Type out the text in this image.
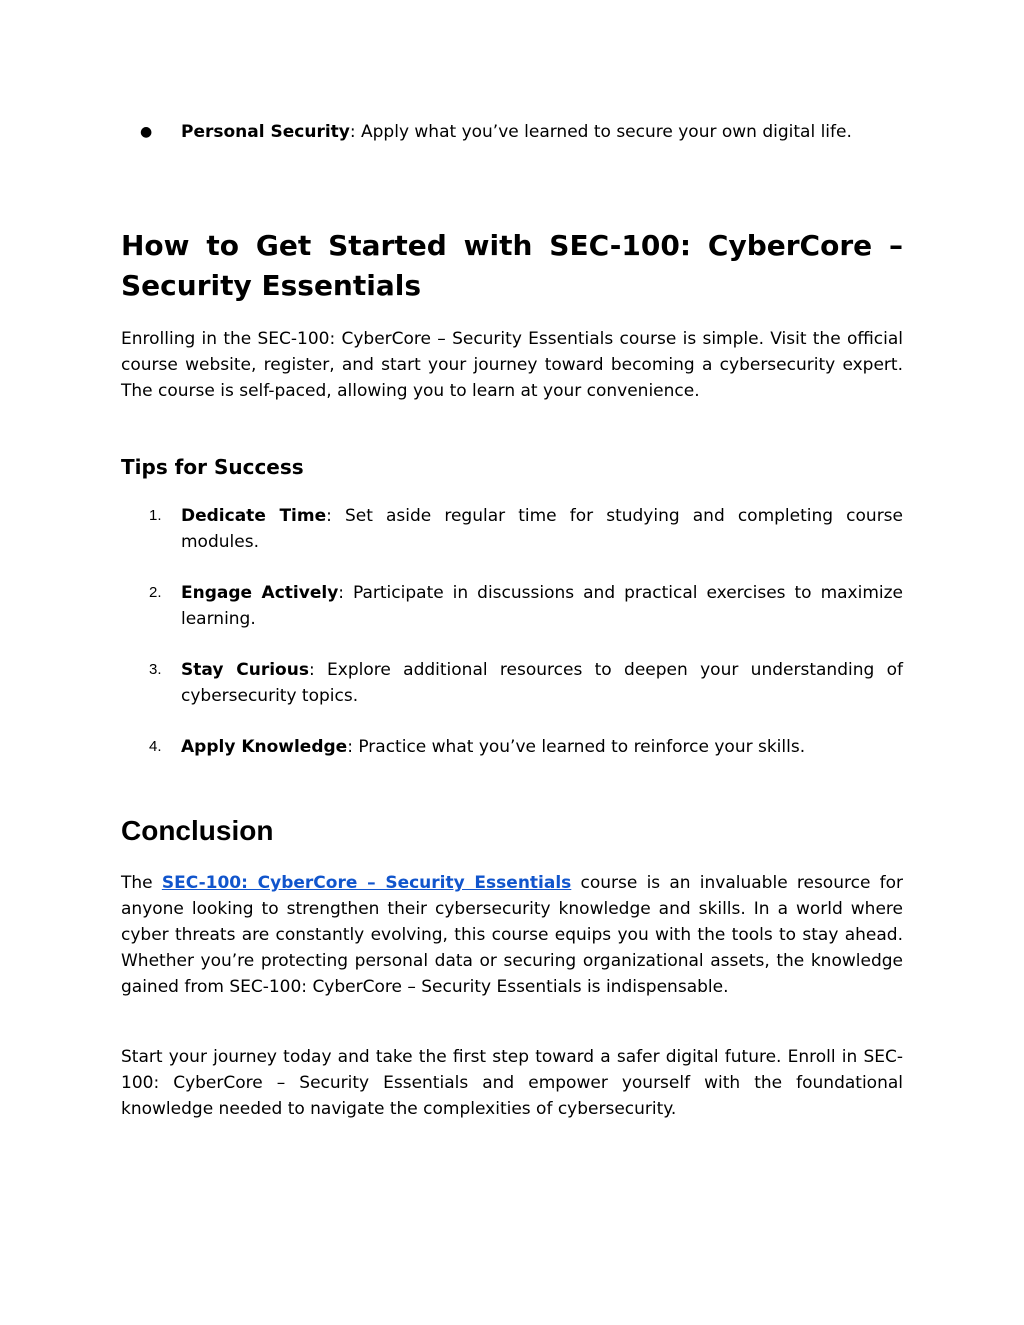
● Personal Security: Apply what you’ve learned to secure your own digital life.

How to Get Started with SEC-100: CyberCore – Security Essentials

Enrolling in the SEC-100: CyberCore – Security Essentials course is simple. Visit the official course website, register, and start your journey toward becoming a cybersecurity expert. The course is self-paced, allowing you to learn at your convenience.

Tips for Success
1. Dedicate Time: Set aside regular time for studying and completing course modules.

2. Engage Actively: Participate in discussions and practical exercises to maximize learning.

3. Stay Curious: Explore additional resources to deepen your understanding of cybersecurity topics.

4. Apply Knowledge: Practice what you’ve learned to reinforce your skills.

Conclusion

The SEC-100: CyberCore – Security Essentials course is an invaluable resource for anyone looking to strengthen their cybersecurity knowledge and skills. In a world where cyber threats are constantly evolving, this course equips you with the tools to stay ahead. Whether you’re protecting personal data or securing organizational assets, the knowledge gained from SEC-100: CyberCore – Security Essentials is indispensable.

Start your journey today and take the first step toward a safer digital future. Enroll in SEC-100: CyberCore – Security Essentials and empower yourself with the foundational knowledge needed to navigate the complexities of cybersecurity.
